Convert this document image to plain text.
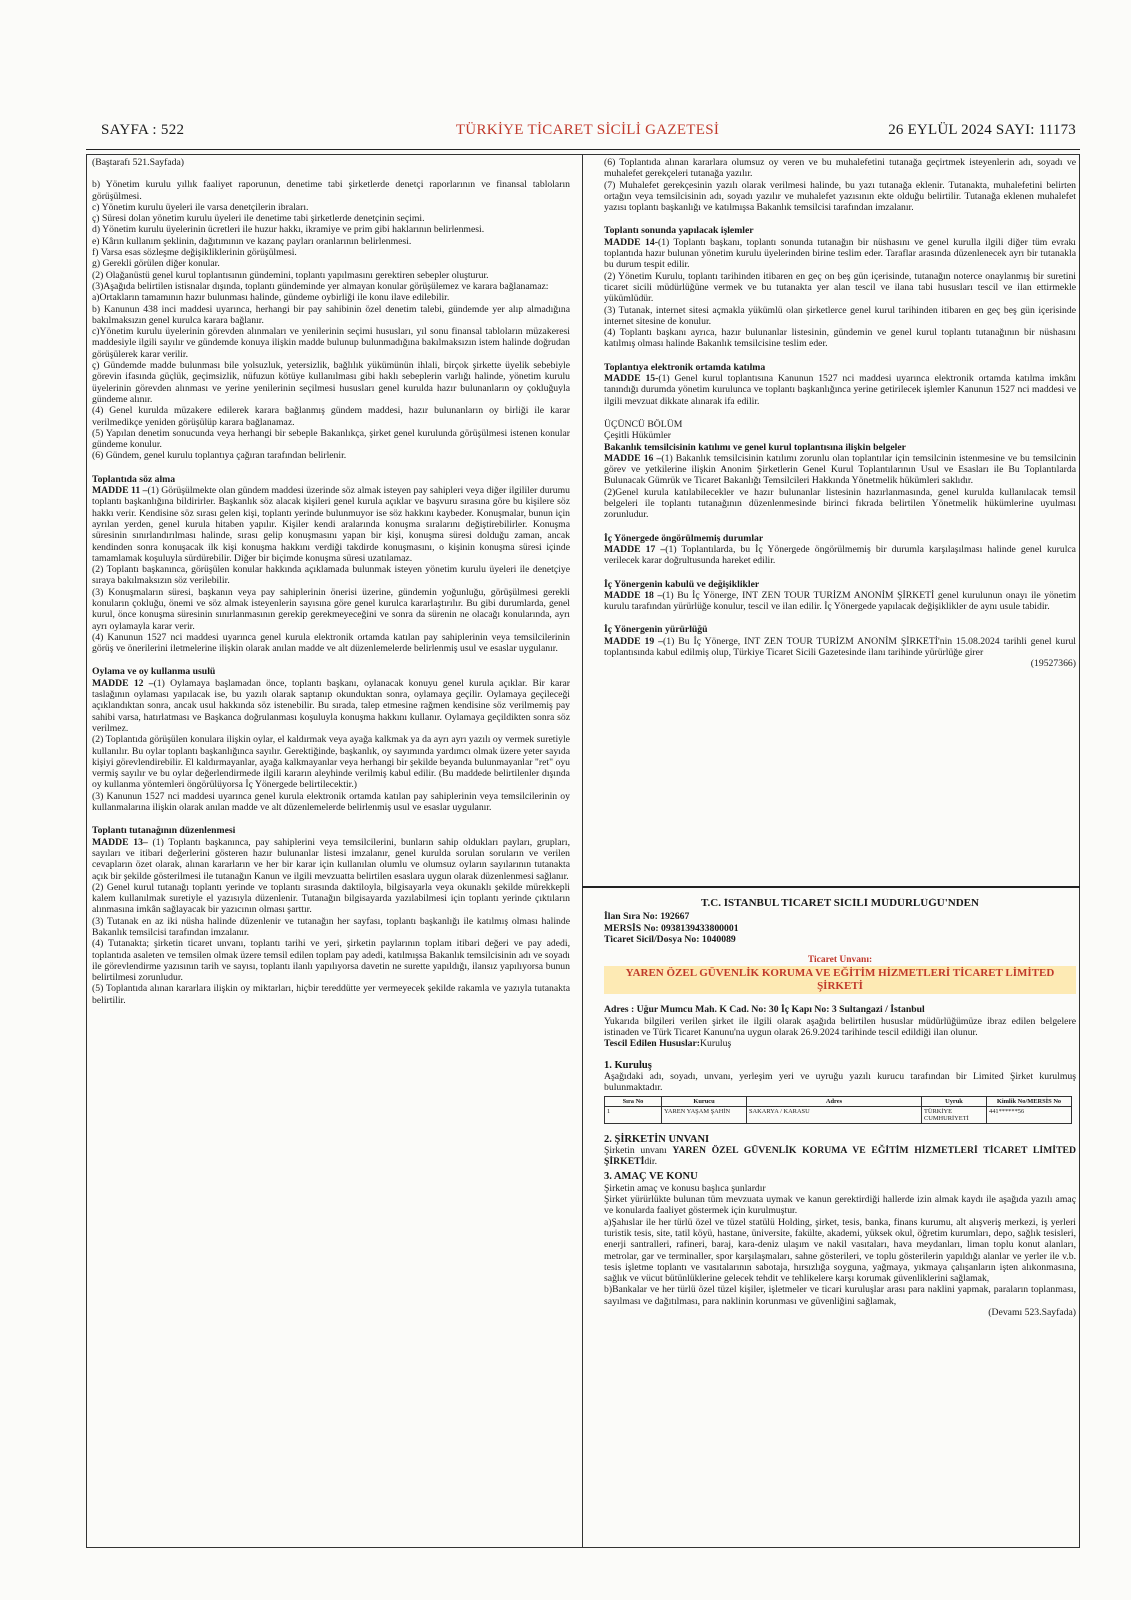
SAYFA : 522	TÜRKİYE TİCARET SİCİLİ GAZETESİ	26 EYLÜL 2024 SAYI: 11173

(Baştarafı 521.Sayfada)

b) Yönetim kurulu yıllık faaliyet raporunun, denetime tabi şirketlerde denetçi raporlarının ve finansal tabloların görüşülmesi.

c) Yönetim kurulu üyeleri ile varsa denetçilerin ibraları.

ç) Süresi dolan yönetim kurulu üyeleri ile denetime tabi şirketlerde denetçinin seçimi.

d) Yönetim kurulu üyelerinin ücretleri ile huzur hakkı, ikramiye ve prim gibi haklarının belirlenmesi.

e) Kârın kullanım şeklinin, dağıtımının ve kazanç payları oranlarının belirlenmesi.

f) Varsa esas sözleşme değişikliklerinin görüşülmesi.

g) Gerekli görülen diğer konular.

(2) Olağanüstü genel kurul toplantısının gündemini, toplantı yapılmasını gerektiren sebepler oluşturur.

(3)Aşağıda belirtilen istisnalar dışında, toplantı gündeminde yer almayan konular görüşülemez ve karara bağlanamaz:

a)Ortakların tamamının hazır bulunması halinde, gündeme oybirliği ile konu ilave edilebilir.

b) Kanunun 438 inci maddesi uyarınca, herhangi bir pay sahibinin özel denetim talebi, gündemde yer alıp almadığına bakılmaksızın genel kurulca karara bağlanır.

c)Yönetim kurulu üyelerinin görevden alınmaları ve yenilerinin seçimi hususları, yıl sonu finansal tabloların müzakeresi maddesiyle ilgili sayılır ve gündemde konuya ilişkin madde bulunup bulunmadığına bakılmaksızın istem halinde doğrudan görüşülerek karar verilir.

ç) Gündemde madde bulunması bile yolsuzluk, yetersizlik, bağlılık yükümünün ihlali, birçok şirkette üyelik sebebiyle görevin ifasında güçlük, geçimsizlik, nüfuzun kötüye kullanılması gibi haklı sebeplerin varlığı halinde, yönetim kurulu üyelerinin görevden alınması ve yerine yenilerinin seçilmesi hususları genel kurulda hazır bulunanların oy çokluğuyla gündeme alınır.

(4) Genel kurulda müzakere edilerek karara bağlanmış gündem maddesi, hazır bulunanların oy birliği ile karar verilmedikçe yeniden görüşülüp karara bağlanamaz.

(5) Yapılan denetim sonucunda veya herhangi bir sebeple Bakanlıkça, şirket genel kurulunda görüşülmesi istenen konular gündeme konulur.

(6) Gündem, genel kurulu toplantıya çağıran tarafından belirlenir.

Toplantıda söz alma

MADDE 11 –(1) Görüşülmekte olan gündem maddesi üzerinde söz almak isteyen pay sahipleri veya diğer ilgililer durumu toplantı başkanlığına bildirirler. Başkanlık söz alacak kişileri genel kurula açıklar ve başvuru sırasına göre bu kişilere söz hakkı verir. Kendisine söz sırası gelen kişi, toplantı yerinde bulunmuyor ise söz hakkını kaybeder. Konuşmalar, bunun için ayrılan yerden, genel kurula hitaben yapılır. Kişiler kendi aralarında konuşma sıralarını değiştirebilirler. Konuşma süresinin sınırlandırılması halinde, sırası gelip konuşmasını yapan bir kişi, konuşma süresi dolduğu zaman, ancak kendinden sonra konuşacak ilk kişi konuşma hakkını verdiği takdirde konuşmasını, o kişinin konuşma süresi içinde tamamlamak koşuluyla sürdürebilir. Diğer bir biçimde konuşma süresi uzatılamaz.

(2) Toplantı başkanınca, görüşülen konular hakkında açıklamada bulunmak isteyen yönetim kurulu üyeleri ile denetçiye sıraya bakılmaksızın söz verilebilir.

(3) Konuşmaların süresi, başkanın veya pay sahiplerinin önerisi üzerine, gündemin yoğunluğu, görüşülmesi gerekli konuların çokluğu, önemi ve söz almak isteyenlerin sayısına göre genel kurulca kararlaştırılır. Bu gibi durumlarda, genel kurul, önce konuşma süresinin sınırlanmasının gerekip gerekmeyeceğini ve sonra da sürenin ne olacağı konularında, ayrı ayrı oylamayla karar verir.

(4) Kanunun 1527 nci maddesi uyarınca genel kurula elektronik ortamda katılan pay sahiplerinin veya temsilcilerinin görüş ve önerilerini iletmelerine ilişkin olarak anılan madde ve alt düzenlemelerde belirlenmiş usul ve esaslar uygulanır.

Oylama ve oy kullanma usulü

MADDE 12 –(1) Oylamaya başlamadan önce, toplantı başkanı, oylanacak konuyu genel kurula açıklar. Bir karar taslağının oylaması yapılacak ise, bu yazılı olarak saptanıp okunduktan sonra, oylamaya geçilir. Oylamaya geçileceği açıklandıktan sonra, ancak usul hakkında söz istenebilir. Bu sırada, talep etmesine rağmen kendisine söz verilmemiş pay sahibi varsa, hatırlatması ve Başkanca doğrulanması koşuluyla konuşma hakkını kullanır. Oylamaya geçildikten sonra söz verilmez.

(2) Toplantıda görüşülen konulara ilişkin oylar, el kaldırmak veya ayağa kalkmak ya da ayrı ayrı yazılı oy vermek suretiyle kullanılır. Bu oylar toplantı başkanlığınca sayılır. Gerektiğinde, başkanlık, oy sayımında yardımcı olmak üzere yeter sayıda kişiyi görevlendirebilir. El kaldırmayanlar, ayağa kalkmayanlar veya herhangi bir şekilde beyanda bulunmayanlar "ret" oyu vermiş sayılır ve bu oylar değerlendirmede ilgili kararın aleyhinde verilmiş kabul edilir. (Bu maddede belirtilenler dışında oy kullanma yöntemleri öngörülüyorsa İç Yönergede belirtilecektir.)

(3) Kanunun 1527 nci maddesi uyarınca genel kurula elektronik ortamda katılan pay sahiplerinin veya temsilcilerinin oy kullanmalarına ilişkin olarak anılan madde ve alt düzenlemelerde belirlenmiş usul ve esaslar uygulanır.

Toplantı tutanağının düzenlenmesi

MADDE 13– (1) Toplantı başkanınca, pay sahiplerini veya temsilcilerini, bunların sahip oldukları payları, grupları, sayıları ve itibari değerlerini gösteren hazır bulunanlar listesi imzalanır, genel kurulda sorulan soruların ve verilen cevapların özet olarak, alınan kararların ve her bir karar için kullanılan olumlu ve olumsuz oyların sayılarının tutanakta açık bir şekilde gösterilmesi ile tutanağın Kanun ve ilgili mevzuatta belirtilen esaslara uygun olarak düzenlenmesi sağlanır.

(2) Genel kurul tutanağı toplantı yerinde ve toplantı sırasında daktiloyla, bilgisayarla veya okunaklı şekilde mürekkepli kalem kullanılmak suretiyle el yazısıyla düzenlenir. Tutanağın bilgisayarda yazılabilmesi için toplantı yerinde çıktıların alınmasına imkân sağlayacak bir yazıcının olması şarttır.

(3) Tutanak en az iki nüsha halinde düzenlenir ve tutanağın her sayfası, toplantı başkanlığı ile katılmış olması halinde Bakanlık temsilcisi tarafından imzalanır.

(4) Tutanakta; şirketin ticaret unvanı, toplantı tarihi ve yeri, şirketin paylarının toplam itibari değeri ve pay adedi, toplantıda asaleten ve temsilen olmak üzere temsil edilen toplam pay adedi, katılmışsa Bakanlık temsilcisinin adı ve soyadı ile görevlendirme yazısının tarih ve sayısı, toplantı ilanlı yapılıyorsa davetin ne surette yapıldığı, ilansız yapılıyorsa bunun belirtilmesi zorunludur.

(5) Toplantıda alınan kararlara ilişkin oy miktarları, hiçbir tereddütte yer vermeyecek şekilde rakamla ve yazıyla tutanakta belirtilir.

(6) Toplantıda alınan kararlara olumsuz oy veren ve bu muhalefetini tutanağa geçirtmek isteyenlerin adı, soyadı ve muhalefet gerekçeleri tutanağa yazılır.

(7) Muhalefet gerekçesinin yazılı olarak verilmesi halinde, bu yazı tutanağa eklenir. Tutanakta, muhalefetini belirten ortağın veya temsilcisinin adı, soyadı yazılır ve muhalefet yazısının ekte olduğu belirtilir. Tutanağa eklenen muhalefet yazısı toplantı başkanlığı ve katılmışsa Bakanlık temsilcisi tarafından imzalanır.

Toplantı sonunda yapılacak işlemler

MADDE 14-(1) Toplantı başkanı, toplantı sonunda tutanağın bir nüshasını ve genel kurulla ilgili diğer tüm evrakı toplantıda hazır bulunan yönetim kurulu üyelerinden birine teslim eder. Taraflar arasında düzenlenecek ayrı bir tutanakla bu durum tespit edilir.

(2) Yönetim Kurulu, toplantı tarihinden itibaren en geç on beş gün içerisinde, tutanağın noterce onaylanmış bir suretini ticaret sicili müdürlüğüne vermek ve bu tutanakta yer alan tescil ve ilana tabi hususları tescil ve ilan ettirmekle yükümlüdür.

(3) Tutanak, internet sitesi açmakla yükümlü olan şirketlerce genel kurul tarihinden itibaren en geç beş gün içerisinde internet sitesine de konulur.

(4) Toplantı başkanı ayrıca, hazır bulunanlar listesinin, gündemin ve genel kurul toplantı tutanağının bir nüshasını katılmış olması halinde Bakanlık temsilcisine teslim eder.

Toplantıya elektronik ortamda katılma

MADDE 15-(1) Genel kurul toplantısına Kanunun 1527 nci maddesi uyarınca elektronik ortamda katılma imkânı tanındığı durumda yönetim kurulunca ve toplantı başkanlığınca yerine getirilecek işlemler Kanunun 1527 nci maddesi ve ilgili mevzuat dikkate alınarak ifa edilir.

ÜÇÜNCÜ BÖLÜM

Çeşitli Hükümler

Bakanlık temsilcisinin katılımı ve genel kurul toplantısına ilişkin belgeler

MADDE 16 –(1) Bakanlık temsilcisinin katılımı zorunlu olan toplantılar için temsilcinin istenmesine ve bu temsilcinin görev ve yetkilerine ilişkin Anonim Şirketlerin Genel Kurul Toplantılarının Usul ve Esasları ile Bu Toplantılarda Bulunacak Gümrük ve Ticaret Bakanlığı Temsilcileri Hakkında Yönetmelik hükümleri saklıdır.

(2)Genel kurula katılabilecekler ve hazır bulunanlar listesinin hazırlanmasında, genel kurulda kullanılacak temsil belgeleri ile toplantı tutanağının düzenlenmesinde birinci fıkrada belirtilen Yönetmelik hükümlerine uyulması zorunludur.

İç Yönergede öngörülmemiş durumlar

MADDE 17 –(1) Toplantılarda, bu İç Yönergede öngörülmemiş bir durumla karşılaşılması halinde genel kurulca verilecek karar doğrultusunda hareket edilir.

İç Yönergenin kabulü ve değişiklikler

MADDE 18 –(1) Bu İç Yönerge, INT ZEN TOUR TURİZM ANONİM ŞİRKETİ genel kurulunun onayı ile yönetim kurulu tarafından yürürlüğe konulur, tescil ve ilan edilir. İç Yönergede yapılacak değişiklikler de aynı usule tabidir.

İç Yönergenin yürürlüğü

MADDE 19 –(1) Bu İç Yönerge, INT ZEN TOUR TURİZM ANONİM ŞİRKETİ'nin 15.08.2024 tarihli genel kurul toplantısında kabul edilmiş olup, Türkiye Ticaret Sicili Gazetesinde ilanı tarihinde yürürlüğe girer

(19527366)

T.C. İSTANBUL TİCARET SİCİLİ MÜDÜRLÜĞÜ'NDEN

İlan Sıra No: 192667

MERSİS No: 0938139433800001

Ticaret Sicil/Dosya No: 1040089

Ticaret Unvanı:
YAREN ÖZEL GÜVENLİK KORUMA VE EĞİTİM HİZMETLERİ TİCARET LİMİTED ŞİRKETİ

Adres : Uğur Mumcu Mah. K Cad. No: 30 İç Kapı No: 3 Sultangazi / İstanbul

Yukarıda bilgileri verilen şirket ile ilgili olarak aşağıda belirtilen hususlar müdürlüğümüze ibraz edilen belgelere istinaden ve Türk Ticaret Kanunu'na uygun olarak 26.9.2024 tarihinde tescil edildiği ilan olunur.

Tescil Edilen Hususlar:Kuruluş

1. Kuruluş

Aşağıdaki adı, soyadı, unvanı, yerleşim yeri ve uyruğu yazılı kurucu tarafından bir Limited Şirket kurulmuş bulunmaktadır.

Sıra No	Kurucu	Adres	Uyruk	Kimlik No/MERSİS No
1	YAREN YAŞAM ŞAHİN	SAKARYA / KARASU	TÜRKİYE CUMHURİYETİ	441******56

2. ŞİRKETİN UNVANI

Şirketin unvanı YAREN ÖZEL GÜVENLİK KORUMA VE EĞİTİM HİZMETLERİ TİCARET LİMİTED ŞİRKETİdir.

3. AMAÇ VE KONU

Şirketin amaç ve konusu başlıca şunlardır

Şirket yürürlükte bulunan tüm mevzuata uymak ve kanun gerektirdiği hallerde izin almak kaydı ile aşağıda yazılı amaç ve konularda faaliyet göstermek için kurulmuştur.

a)Şahıslar ile her türlü özel ve tüzel statülü Holding, şirket, tesis, banka, finans kurumu, alt alışveriş merkezi, iş yerleri turistik tesis, site, tatil köyü, hastane, üniversite, fakülte, akademi, yüksek okul, öğretim kurumları, depo, sağlık tesisleri, enerji santralleri, rafineri, baraj, kara-deniz ulaşım ve nakil vasıtaları, hava meydanları, liman toplu konut alanları, metrolar, gar ve terminaller, spor karşılaşmaları, sahne gösterileri, ve toplu gösterilerin yapıldığı alanlar ve yerler ile v.b. tesis işletme toplantı ve vasıtalarının sabotaja, hırsızlığa soyguna, yağmaya, yıkmaya çalışanların işten alıkonmasına, sağlık ve vücut bütünlüklerine gelecek tehdit ve tehlikelere karşı korumak güvenliklerini sağlamak,

b)Bankalar ve her türlü özel tüzel kişiler, işletmeler ve ticari kuruluşlar arası para naklini yapmak, paraların toplanması, sayılması ve dağıtılması, para naklinin korunması ve güvenliğini sağlamak,

(Devamı 523.Sayfada)
